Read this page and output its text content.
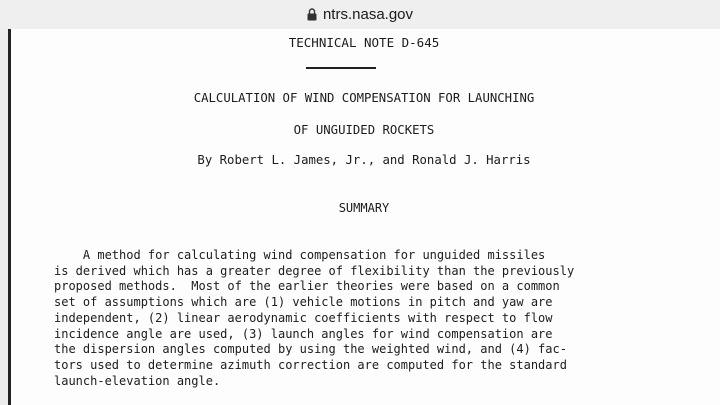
ntrs.nasa.gov
TECHNICAL NOTE D-645
CALCULATION OF WIND COMPENSATION FOR LAUNCHING
OF UNGUIDED ROCKETS
By Robert L. James, Jr., and Ronald J. Harris
SUMMARY
A method for calculating wind compensation for unguided missiles
is derived which has a greater degree of flexibility than the previously
proposed methods.  Most of the earlier theories were based on a common
set of assumptions which are (1) vehicle motions in pitch and yaw are
independent, (2) linear aerodynamic coefficients with respect to flow
incidence angle are used, (3) launch angles for wind compensation are
the dispersion angles computed by using the weighted wind, and (4) fac-
tors used to determine azimuth correction are computed for the standard
launch-elevation angle.
